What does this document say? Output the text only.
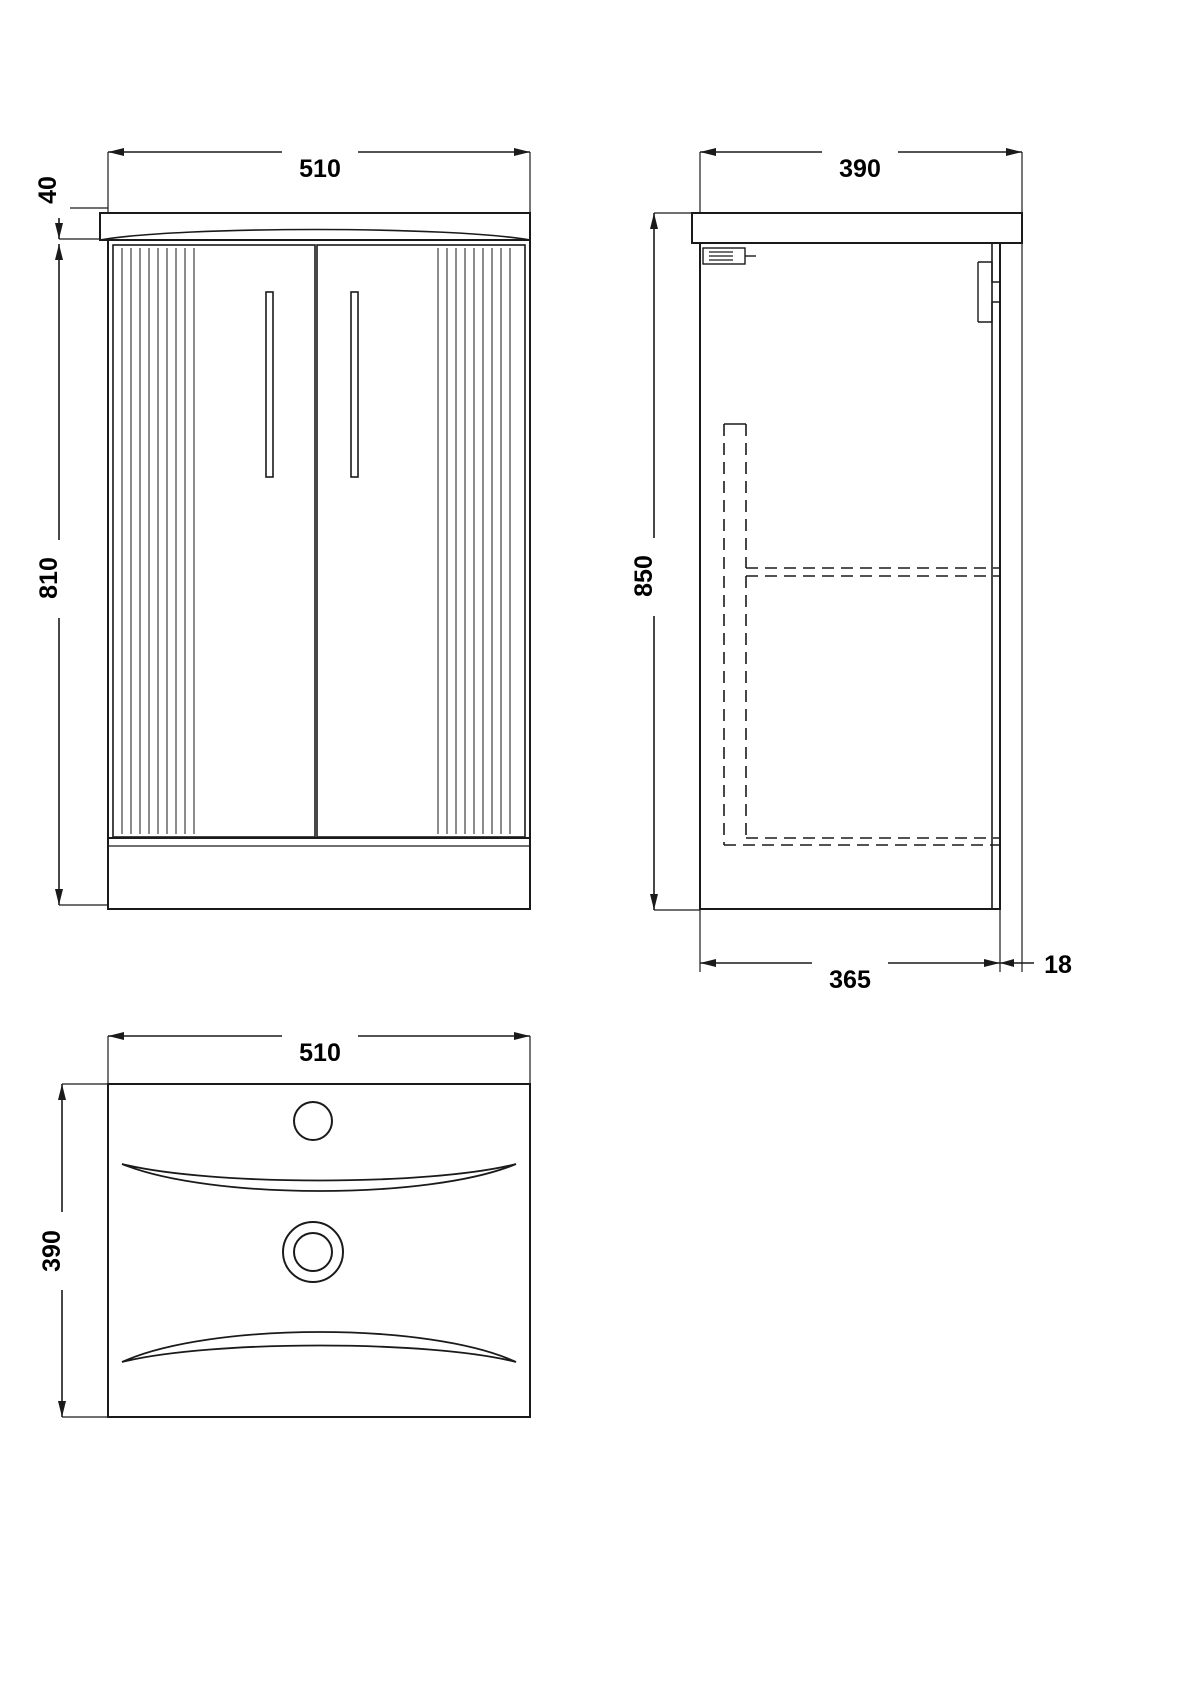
510
40
810
390
850
365
18
510
390
